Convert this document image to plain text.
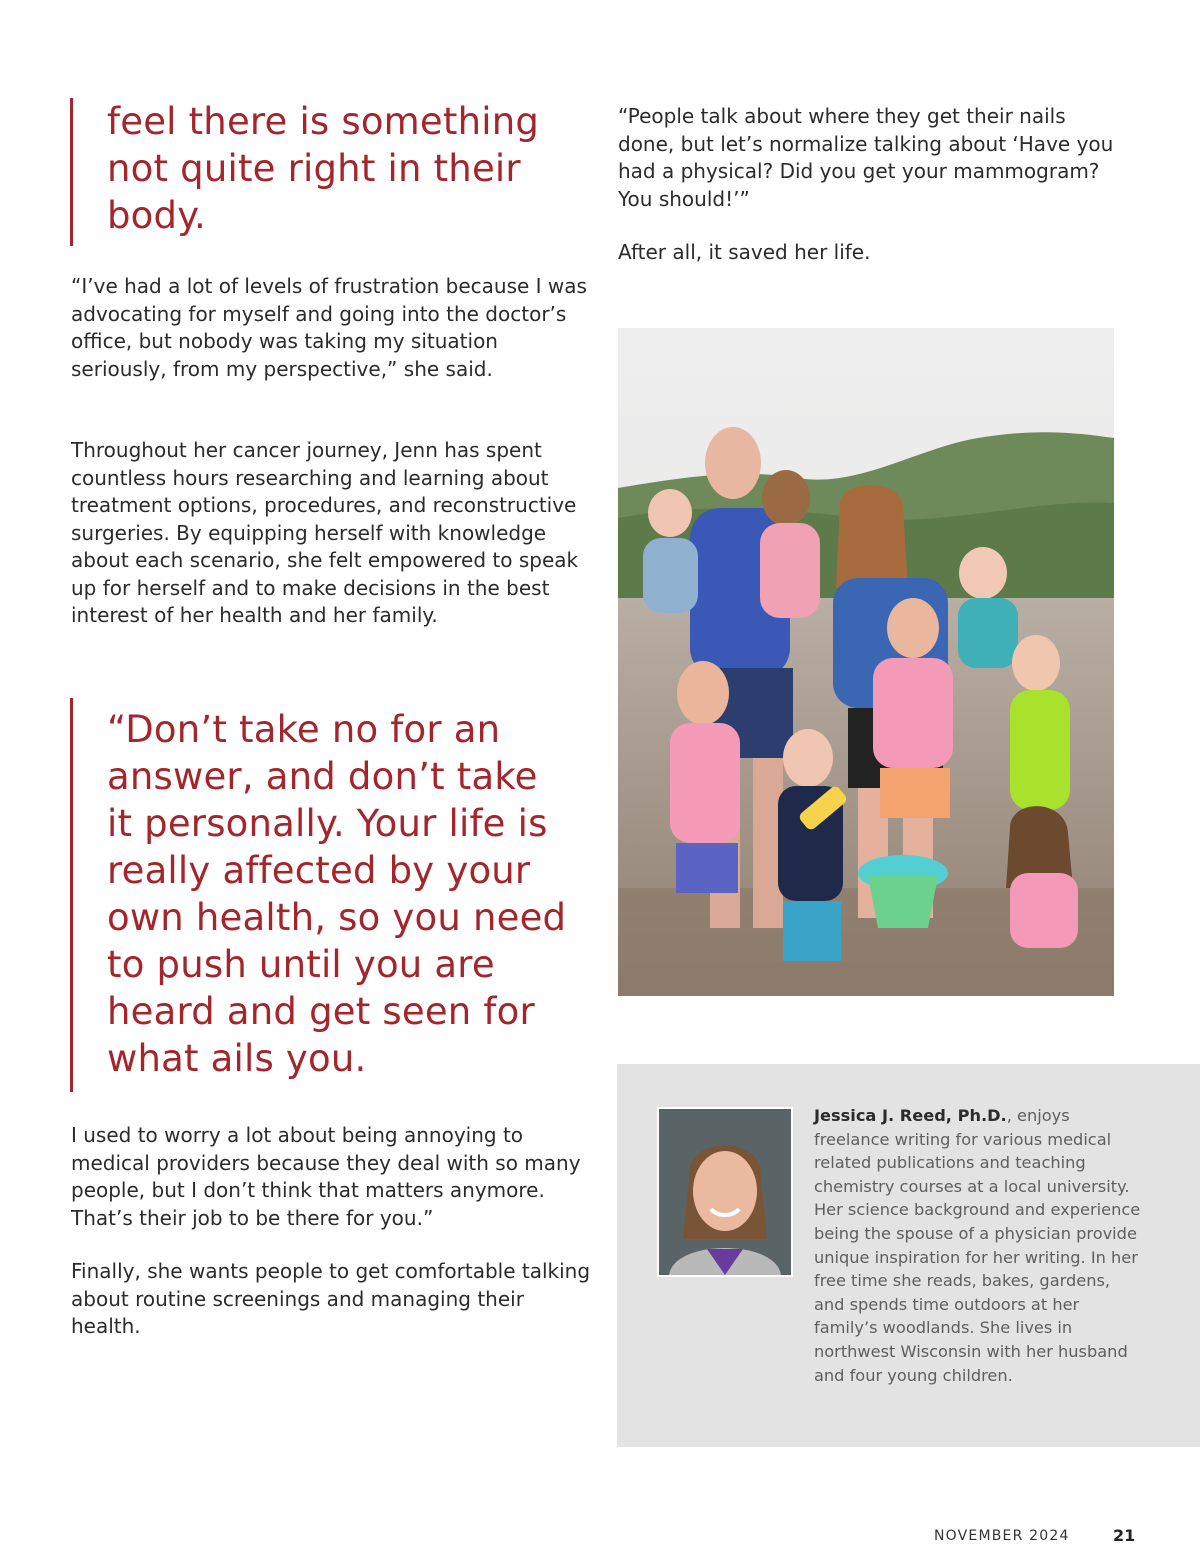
feel there is something not quite right in their body.

“I’ve had a lot of levels of frustration because I was advocating for myself and going into the doctor’s office, but nobody was taking my situation seriously, from my perspective,” she said.

Throughout her cancer journey, Jenn has spent countless hours researching and learning about treatment options, procedures, and reconstructive surgeries. By equipping herself with knowledge about each scenario, she felt empowered to speak up for herself and to make decisions in the best interest of her health and her family.

“Don’t take no for an answer, and don’t take it personally. Your life is really affected by your own health, so you need to push until you are heard and get seen for what ails you.

I used to worry a lot about being annoying to medical providers because they deal with so many people, but I don’t think that matters anymore. That’s their job to be there for you.”

Finally, she wants people to get comfortable talking about routine screenings and managing their health.

“People talk about where they get their nails done, but let’s normalize talking about ‘Have you had a physical? Did you get your mammogram? You should!’”

After all, it saved her life.

Jessica J. Reed, Ph.D., enjoys freelance writing for various medical related publications and teaching chemistry courses at a local university. Her science background and experience being the spouse of a physician provide unique inspiration for her writing. In her free time she reads, bakes, gardens, and spends time outdoors at her family’s woodlands. She lives in northwest Wisconsin with her husband and four young children.

NOVEMBER 2024	21
